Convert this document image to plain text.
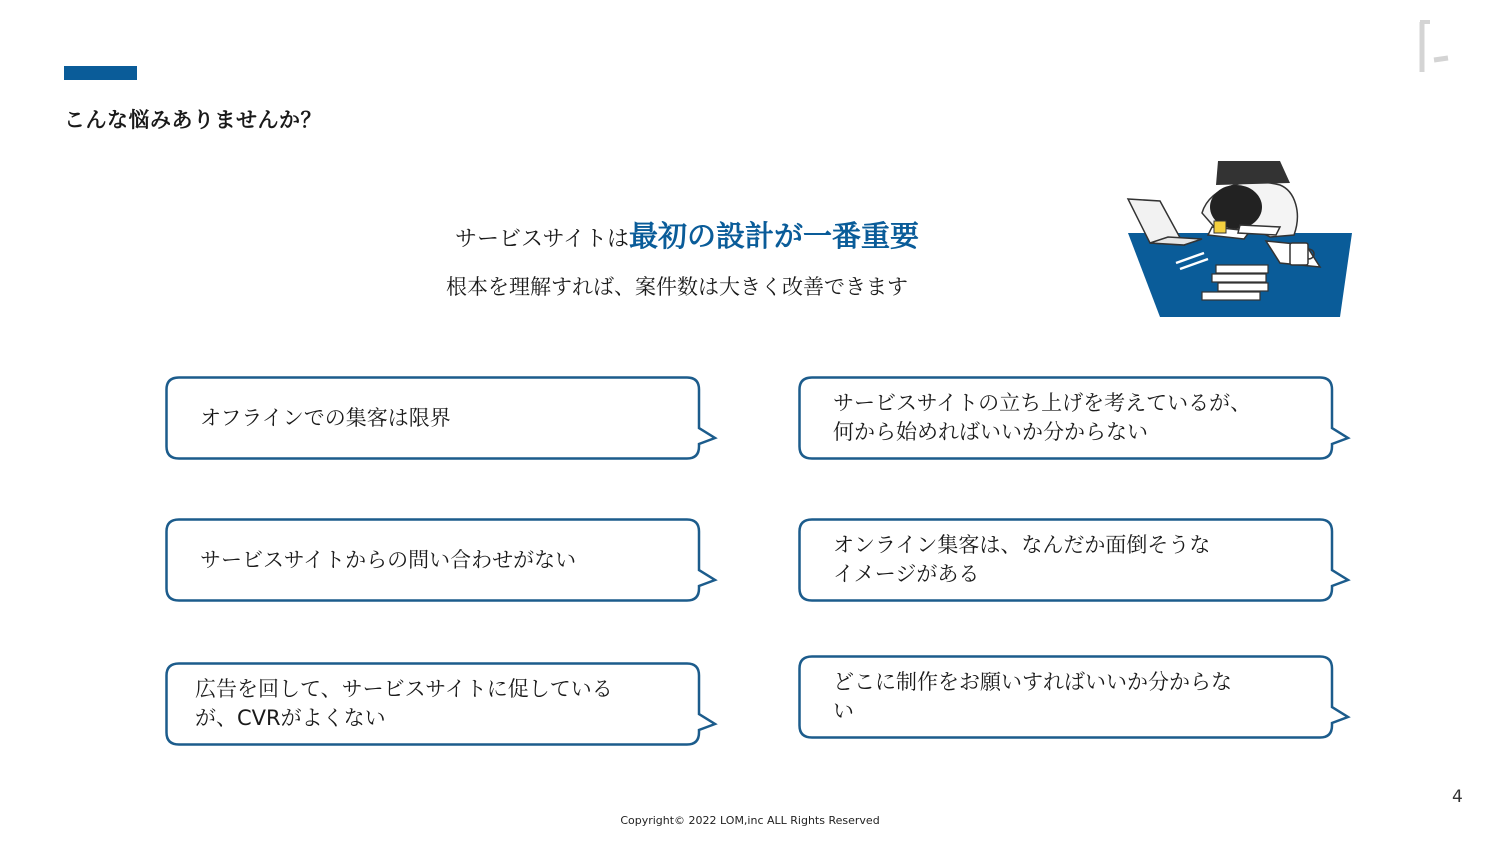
こんな悩みありませんか？
サービスサイトは最初の設計が一番重要
根本を理解すれば、案件数は大きく改善できます
オフラインでの集客は限界
サービスサイトの立ち上げを考えているが、
何から始めればいいか分からない
サービスサイトからの問い合わせがない
オンライン集客は、なんだか面倒そうな
イメージがある
広告を回して、サービスサイトに促している
が、CVRがよくない
どこに制作をお願いすればいいか分からな
い
4
Copyright© 2022 LOM,inc ALL Rights Reserved
